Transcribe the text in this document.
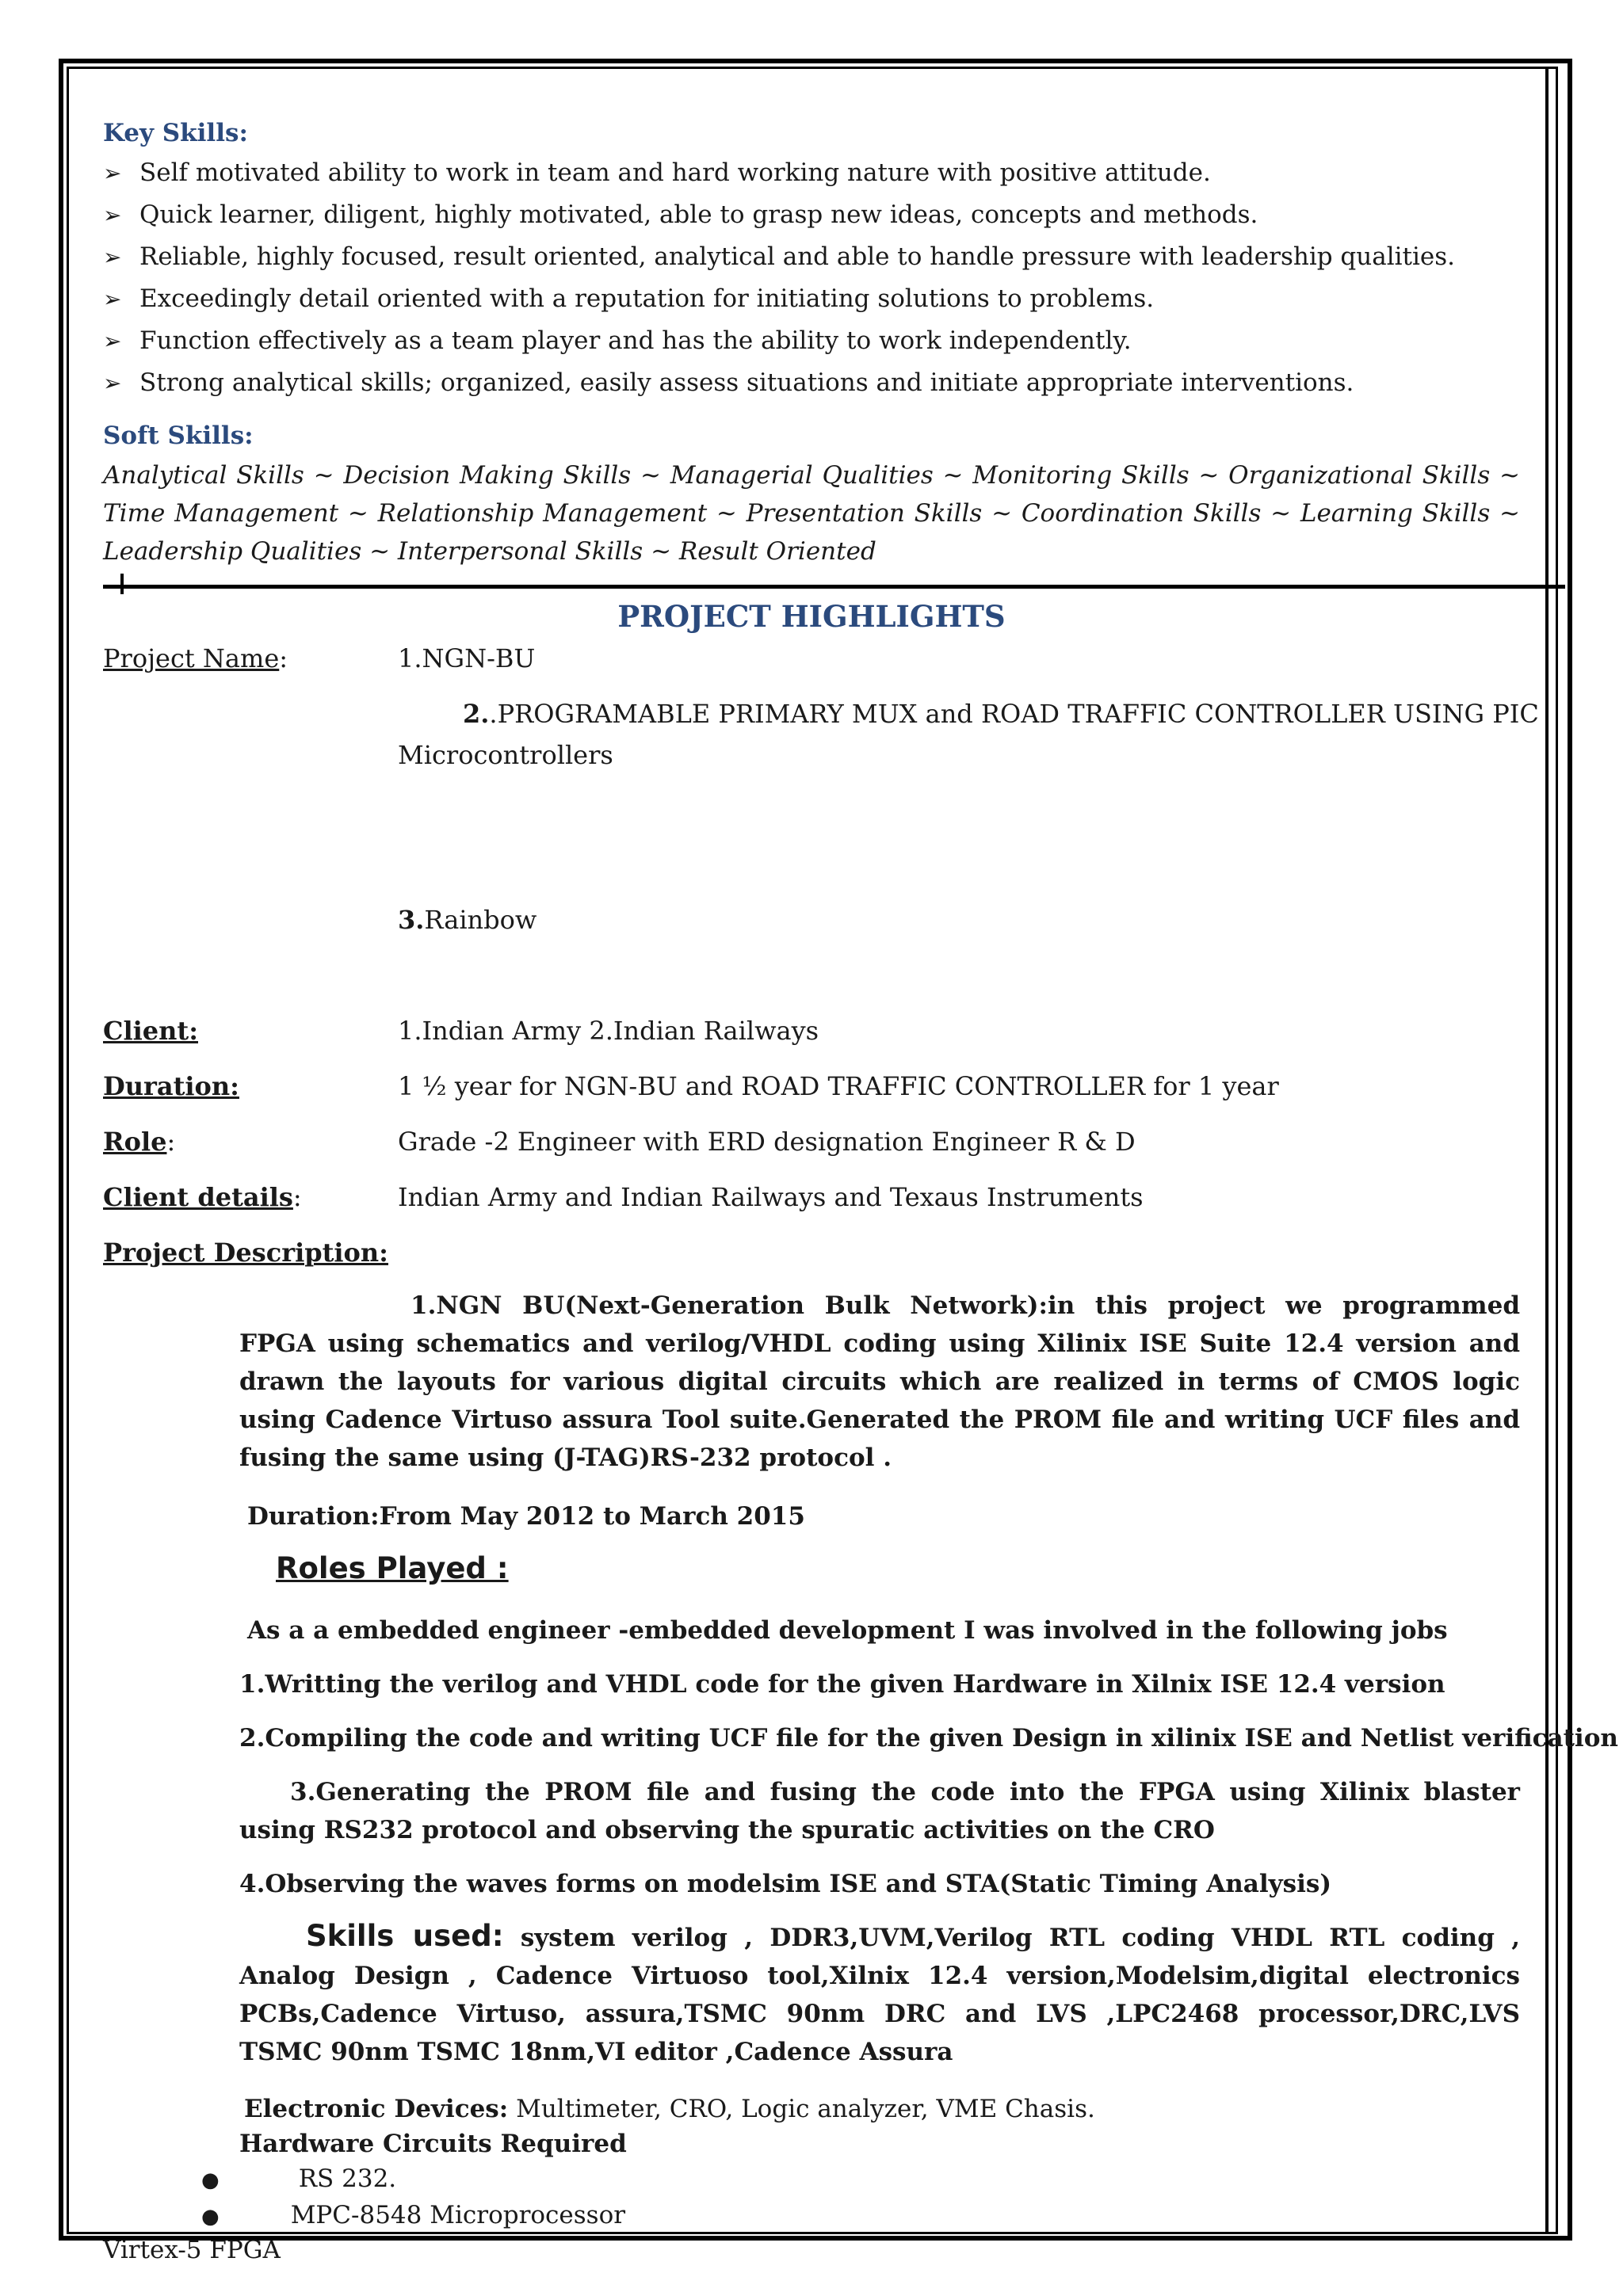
Key Skills:
➢ Self motivated ability to work in team and hard working nature with positive attitude.
➢ Quick learner, diligent, highly motivated, able to grasp new ideas, concepts and methods.
➢ Reliable, highly focused, result oriented, analytical and able to handle pressure with leadership qualities.
➢ Exceedingly detail oriented with a reputation for initiating solutions to problems.
➢ Function effectively as a team player and has the ability to work independently.
➢ Strong analytical skills; organized, easily assess situations and initiate appropriate interventions.
Soft Skills:
Analytical Skills ~ Decision Making Skills ~ Managerial Qualities ~ Monitoring Skills ~ Organizational Skills ~ Time Management ~ Relationship Management ~ Presentation Skills ~ Coordination Skills ~ Learning Skills ~ Leadership Qualities ~ Interpersonal Skills ~ Result Oriented
PROJECT HIGHLIGHTS
Project Name:	1.NGN-BU
2..PROGRAMABLE PRIMARY MUX and ROAD TRAFFIC CONTROLLER USING PIC
Microcontrollers
3.Rainbow
Client:	1.Indian Army 2.Indian Railways
Duration:	1 ½ year for NGN-BU and ROAD TRAFFIC CONTROLLER for 1 year
Role:	Grade -2 Engineer with ERD designation Engineer R & D
Client details:	Indian Army and Indian Railways and Texaus Instruments
Project Description:
1.NGN BU(Next-Generation Bulk Network):in this project we programmed FPGA using schematics and verilog/VHDL coding using Xilinix ISE Suite 12.4 version and drawn the layouts for various digital circuits which are realized in terms of CMOS logic using Cadence Virtuso assura Tool suite.Generated the PROM file and writing UCF files and fusing the same using (J-TAG)RS-232 protocol .
Duration:From May 2012 to March 2015
Roles Played :
As a a embedded engineer -embedded development I was involved in the following jobs
1.Writting the verilog and VHDL code for the given Hardware in Xilnix ISE 12.4 version
2.Compiling the code and writing UCF file for the given Design in xilinix ISE and Netlist verification
3.Generating the PROM file and fusing the code into the FPGA using Xilinix blaster using RS232 protocol and observing the spuratic activities on the CRO
4.Observing the waves forms on modelsim ISE and STA(Static Timing Analysis)
Skills used: system verilog , DDR3,UVM,Verilog RTL coding VHDL RTL coding , Analog Design , Cadence Virtuoso tool,Xilnix 12.4 version,Modelsim,digital electronics PCBs,Cadence Virtuso, assura,TSMC 90nm DRC and LVS ,LPC2468 processor,DRC,LVS TSMC 90nm TSMC 18nm,VI editor ,Cadence Assura
Electronic Devices: Multimeter, CRO, Logic analyzer, VME Chasis.
Hardware Circuits Required
●	RS 232.
●	MPC-8548 Microprocessor
Virtex-5 FPGA
